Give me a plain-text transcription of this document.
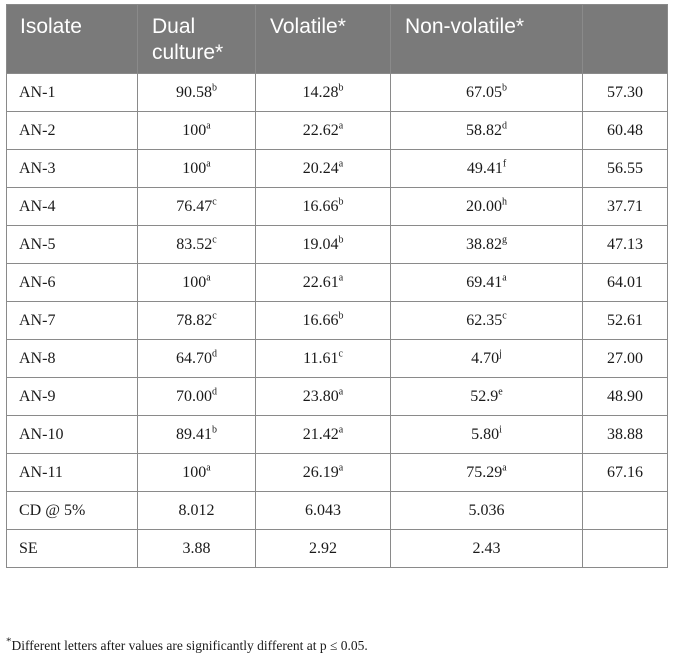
Isolate	Dual culture*	Volatile*	Non-volatile*	
AN-1	90.58$^b$	14.28$^b$	67.05$^b$	57.30
AN-2	100$^a$	22.62$^a$	58.82$^d$	60.48
AN-3	100$^a$	20.24$^a$	49.41$^f$	56.55
AN-4	76.47$^c$	16.66$^b$	20.00$^h$	37.71
AN-5	83.52$^c$	19.04$^b$	38.82$^g$	47.13
AN-6	100$^a$	22.61$^a$	69.41$^a$	64.01
AN-7	78.82$^c$	16.66$^b$	62.35$^c$	52.61
AN-8	64.70$^d$	11.61$^c$	4.70$^j$	27.00
AN-9	70.00$^d$	23.80$^a$	52.9e	48.90
AN-10	89.41$^b$	21.42$^a$	5.80$^i$	38.88
AN-11	100$^a$	26.19$^a$	75.29$^a$	67.16
CD @ 5%	8.012	6.043	5.036	
SE	3.88	2.92	2.43	
*Different letters after values are significantly different at p ≤ 0.05.
